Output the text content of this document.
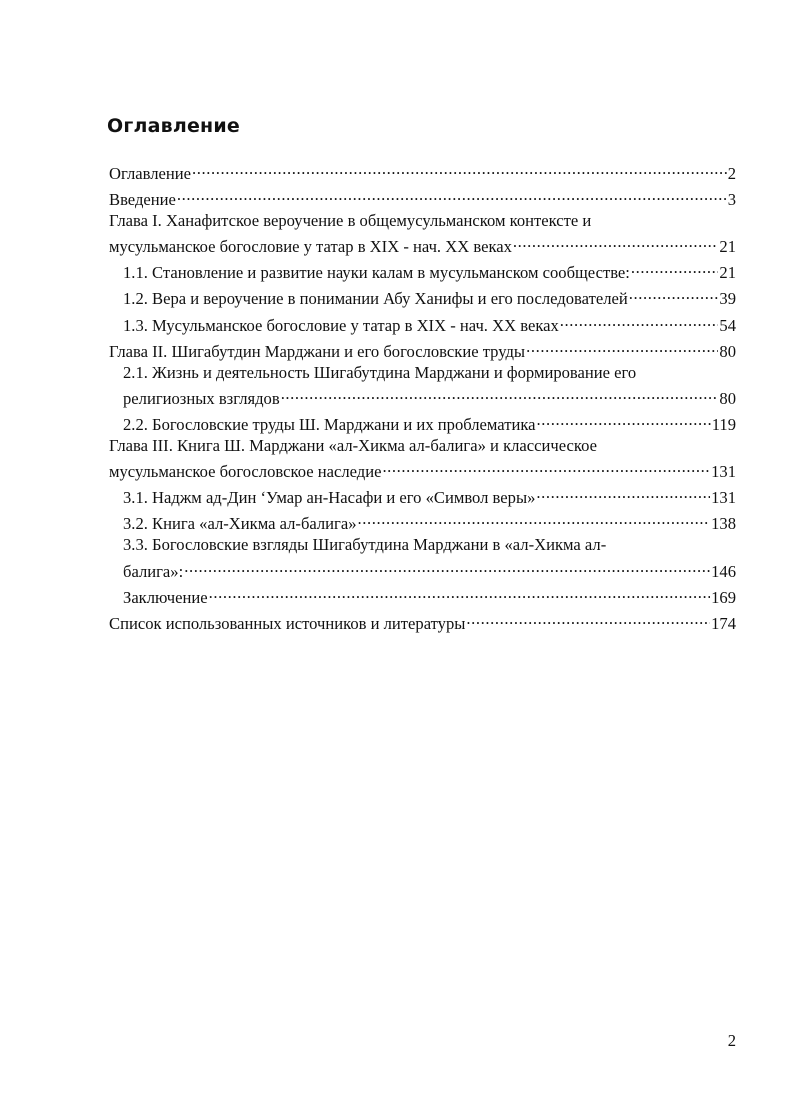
Оглавление
Оглавление .....	2
Введение .....	3
Глава I. Ханафитское вероучение в общемусульманском контексте и
мусульманское богословие у татар в XIX - нач. XX веках .....	21
1.1. Становление и развитие науки калам в мусульманском сообществе: .....	21
1.2. Вера и вероучение в понимании Абу Ханифы и его последователей .....	39
1.3. Мусульманское богословие у татар в XIX - нач. XX веках .....	54
Глава II. Шигабутдин Марджани и его богословские труды .....	80
2.1. Жизнь и деятельность Шигабутдина Марджани и формирование его
религиозных взглядов .....	80
2.2. Богословские труды Ш. Марджани и их проблематика .....	119
Глава III. Книга Ш. Марджани «ал-Хикма ал-балига» и классическое
мусульманское богословское наследие .....	131
3.1. Наджм ад-Дин ‘Умар ан-Насафи и его «Символ веры» .....	131
3.2. Книга «ал-Хикма ал-балига» .....	138
3.3. Богословские взгляды Шигабутдина Марджани в «ал-Хикма ал-
балига»: .....	146
Заключение .....	169
Список использованных источников и литературы .....	174
2
